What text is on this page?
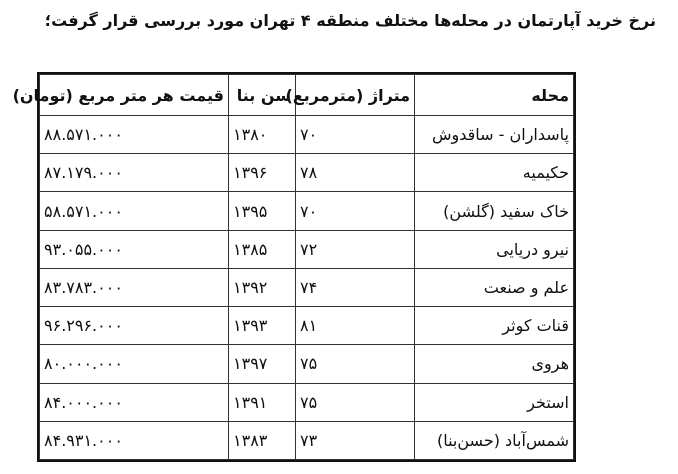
نرخ خرید آپارتمان در محله‌ها مختلف منطقه ۴ تهران مورد بررسی قرار گرفت؛
محله	متراژ (مترمربع)	سن بنا	قیمت هر متر مربع (تومان)
پاسداران - ساقدوش	۷۰	۱۳۸۰	۸۸.۵۷۱.۰۰۰
حکیمیه	۷۸	۱۳۹۶	۸۷.۱۷۹.۰۰۰
خاک سفید (گلشن)	۷۰	۱۳۹۵	۵۸.۵۷۱.۰۰۰
نیرو دریایی	۷۲	۱۳۸۵	۹۳.۰۵۵.۰۰۰
علم و صنعت	۷۴	۱۳۹۲	۸۳.۷۸۳.۰۰۰
قنات کوثر	۸۱	۱۳۹۳	۹۶.۲۹۶.۰۰۰
هروی	۷۵	۱۳۹۷	۸۰.۰۰۰.۰۰۰
استخر	۷۵	۱۳۹۱	۸۴.۰۰۰.۰۰۰
شمس‌آباد (حسن‌بنا)	۷۳	۱۳۸۳	۸۴.۹۳۱.۰۰۰
